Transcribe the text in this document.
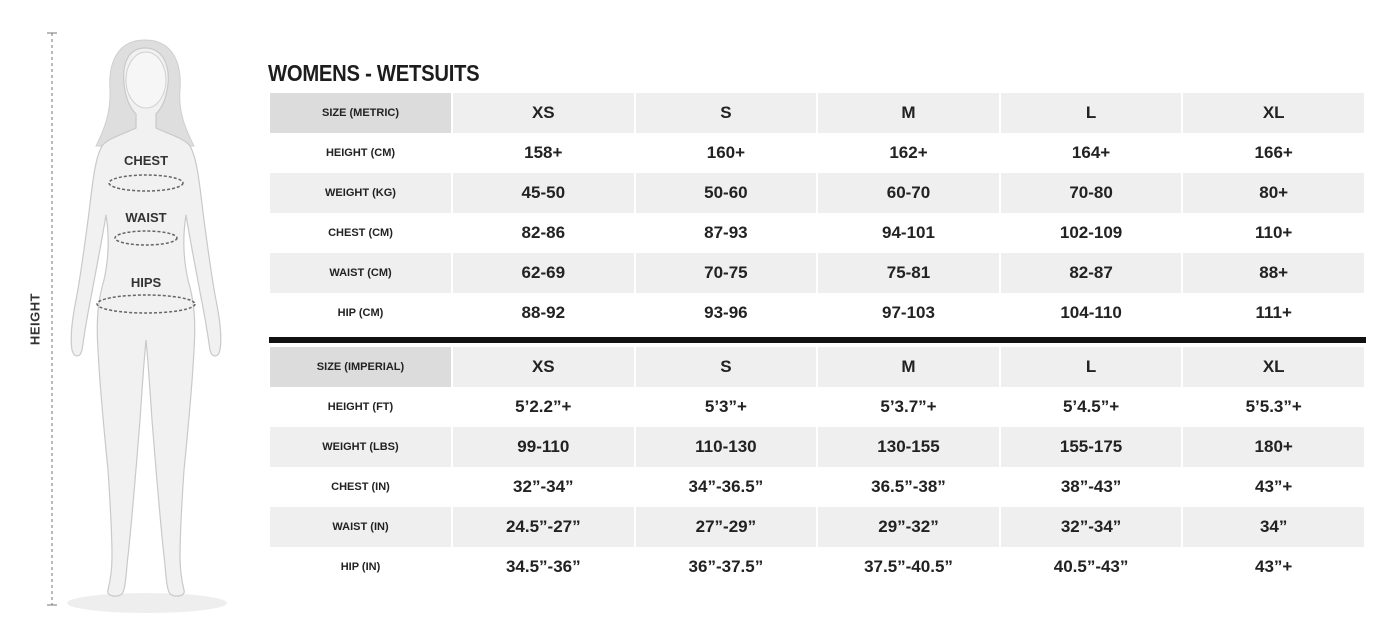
HEIGHT
CHEST
WAIST
HIPS
WOMENS - WETSUITS
SIZE (METRIC)	XS	S	M	L	XL
HEIGHT (CM)	158+	160+	162+	164+	166+
WEIGHT (KG)	45-50	50-60	60-70	70-80	80+
CHEST (CM)	82-86	87-93	94-101	102-109	110+
WAIST (CM)	62-69	70-75	75-81	82-87	88+
HIP (CM)	88-92	93-96	97-103	104-110	111+
SIZE (IMPERIAL)	XS	S	M	L	XL
HEIGHT (FT)	5’2.2”+	5’3”+	5’3.7”+	5’4.5”+	5’5.3”+
WEIGHT (LBS)	99-110	110-130	130-155	155-175	180+
CHEST (IN)	32”-34”	34”-36.5”	36.5”-38”	38”-43”	43”+
WAIST (IN)	24.5”-27”	27”-29”	29”-32”	32”-34”	34”
HIP (IN)	34.5”-36”	36”-37.5”	37.5”-40.5”	40.5”-43”	43”+
